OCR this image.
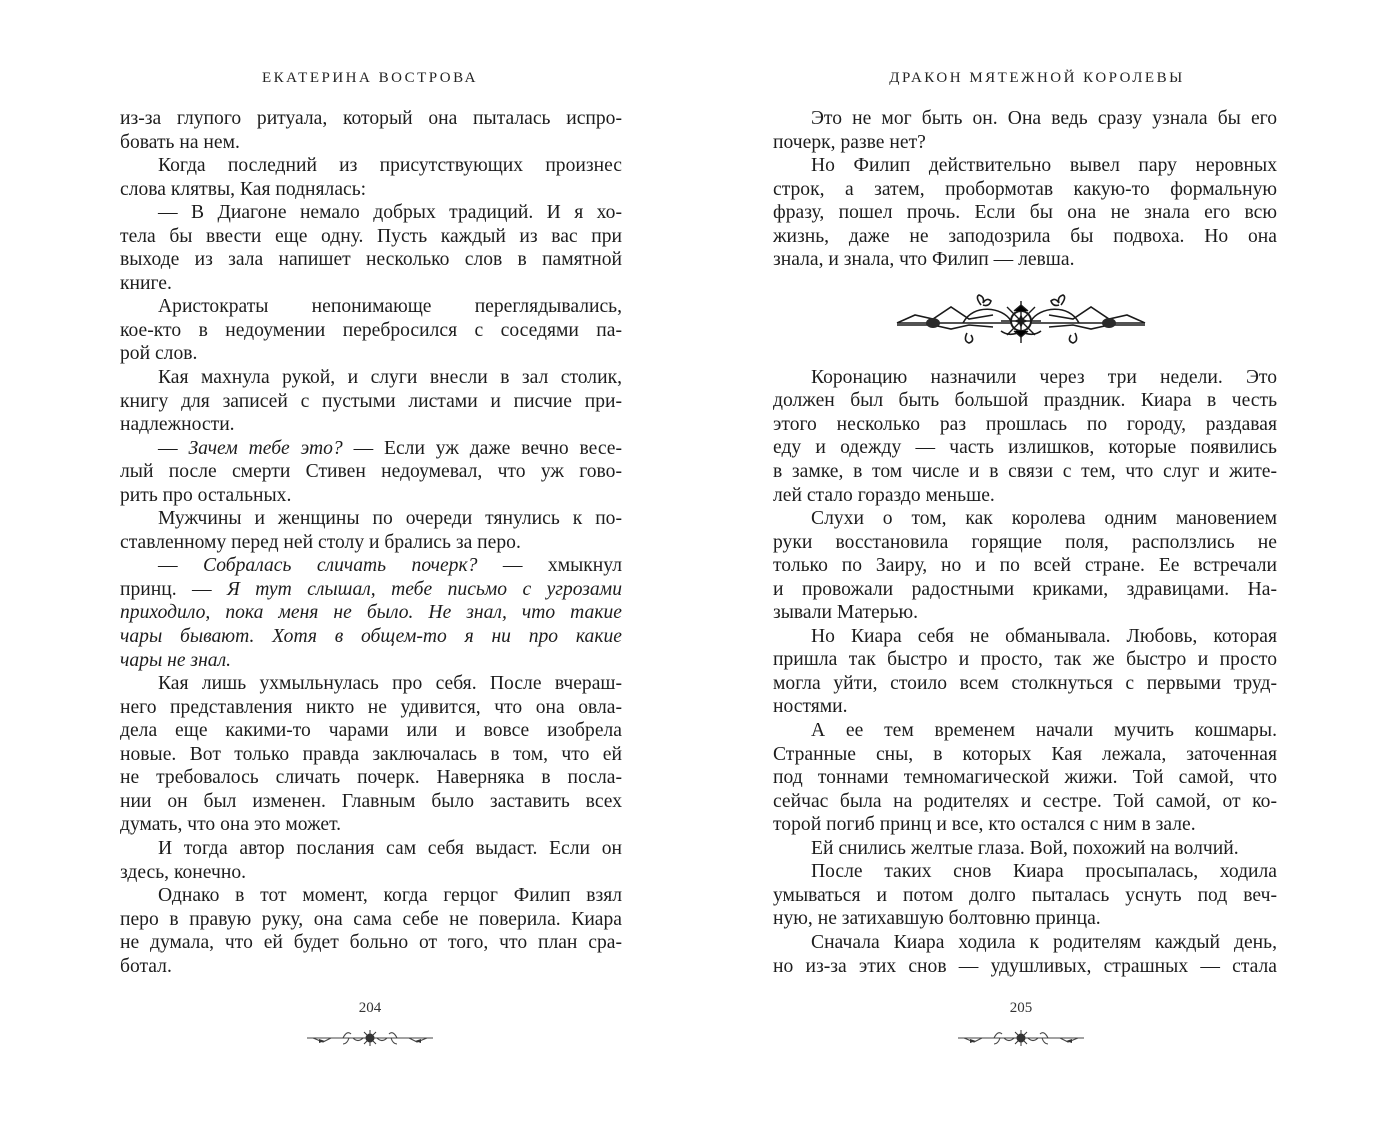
ЕКАТЕРИНА ВОСТРОВА
из-за глупого ритуала, который она пыталась испро-
бовать на нем.
Когда последний из присутствующих произнес
слова клятвы, Кая поднялась:
— В Диагоне немало добрых традиций. И я хо-
тела бы ввести еще одну. Пусть каждый из вас при
выходе из зала напишет несколько слов в памятной
книге.
Аристократы непонимающе переглядывались,
кое-кто в недоумении перебросился с соседями па-
рой слов.
Кая махнула рукой, и слуги внесли в зал столик,
книгу для записей с пустыми листами и писчие при-
надлежности.
— Зачем тебе это? — Если уж даже вечно весе-
лый после смерти Стивен недоумевал, что уж гово-
рить про остальных.
Мужчины и женщины по очереди тянулись к по-
ставленному перед ней столу и брались за перо.
— Собралась сличать почерк? — хмыкнул
принц. — Я тут слышал, тебе письмо с угрозами
приходило, пока меня не было. Не знал, что такие
чары бывают. Хотя в общем-то я ни про какие
чары не знал.
Кая лишь ухмыльнулась про себя. После вчераш-
него представления никто не удивится, что она овла-
дела еще какими-то чарами или и вовсе изобрела
новые. Вот только правда заключалась в том, что ей
не требовалось сличать почерк. Наверняка в посла-
нии он был изменен. Главным было заставить всех
думать, что она это может.
И тогда автор послания сам себя выдаст. Если он
здесь, конечно.
Однако в тот момент, когда герцог Филип взял
перо в правую руку, она сама себе не поверила. Киара
не думала, что ей будет больно от того, что план сра-
ботал.
204
ДРАКОН МЯТЕЖНОЙ КОРОЛЕВЫ
Это не мог быть он. Она ведь сразу узнала бы его
почерк, разве нет?
Но Филип действительно вывел пару неровных
строк, а затем, пробормотав какую-то формальную
фразу, пошел прочь. Если бы она не знала его всю
жизнь, даже не заподозрила бы подвоха. Но она
знала, и знала, что Филип — левша.
Коронацию назначили через три недели. Это
должен был быть большой праздник. Киара в честь
этого несколько раз прошлась по городу, раздавая
еду и одежду — часть излишков, которые появились
в замке, в том числе и в связи с тем, что слуг и жите-
лей стало гораздо меньше.
Слухи о том, как королева одним мановением
руки восстановила горящие поля, расползлись не
только по Заиру, но и по всей стране. Ее встречали
и провожали радостными криками, здравицами. На-
зывали Матерью.
Но Киара себя не обманывала. Любовь, которая
пришла так быстро и просто, так же быстро и просто
могла уйти, стоило всем столкнуться с первыми труд-
ностями.
А ее тем временем начали мучить кошмары.
Странные сны, в которых Кая лежала, заточенная
под тоннами темномагической жижи. Той самой, что
сейчас была на родителях и сестре. Той самой, от ко-
торой погиб принц и все, кто остался с ним в зале.
Ей снились желтые глаза. Вой, похожий на волчий.
После таких снов Киара просыпалась, ходила
умываться и потом долго пыталась уснуть под веч-
ную, не затихавшую болтовню принца.
Сначала Киара ходила к родителям каждый день,
но из-за этих снов — удушливых, страшных — стала
205
